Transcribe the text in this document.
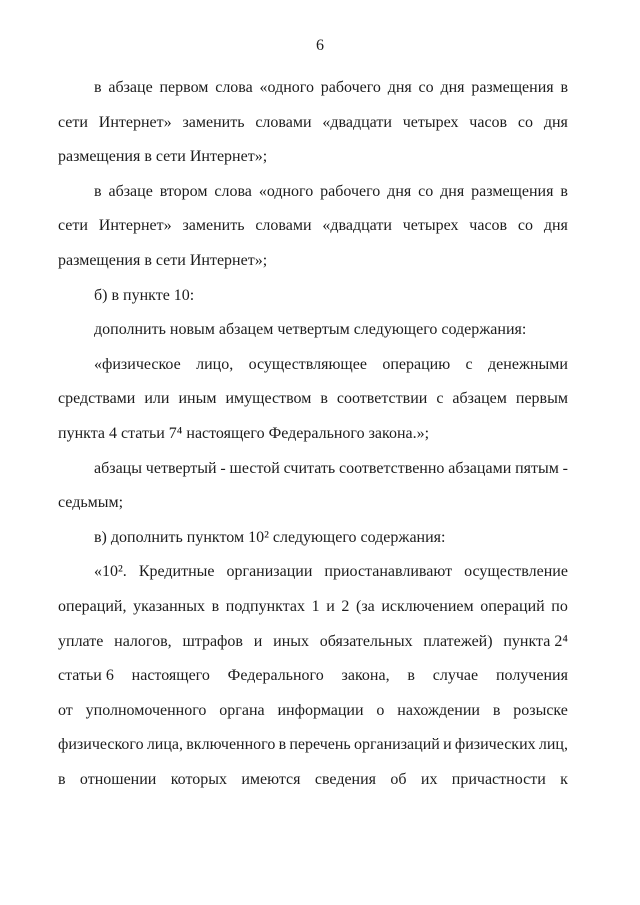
6
в абзаце первом слова «одного рабочего дня со дня размещения в
сети Интернет» заменить словами «двадцати четырех часов со дня
размещения в сети Интернет»;
в абзаце втором слова «одного рабочего дня со дня размещения в
сети Интернет» заменить словами «двадцати четырех часов со дня
размещения в сети Интернет»;
б) в пункте 10:
дополнить новым абзацем четвертым следующего содержания:
«физическое лицо, осуществляющее операцию с денежными
средствами или иным имуществом в соответствии с абзацем первым
пункта 4 статьи 7⁴ настоящего Федерального закона.»;
абзацы четвертый - шестой считать соответственно абзацами пятым -
седьмым;
в) дополнить пунктом 10² следующего содержания:
«10². Кредитные организации приостанавливают осуществление
операций, указанных в подпунктах 1 и 2 (за исключением операций по
уплате налогов, штрафов и иных обязательных платежей) пункта 2⁴
статьи 6 настоящего Федерального закона, в случае получения
от уполномоченного органа информации о нахождении в розыске
физического лица, включенного в перечень организаций и физических лиц,
в отношении которых имеются сведения об их причастности к
